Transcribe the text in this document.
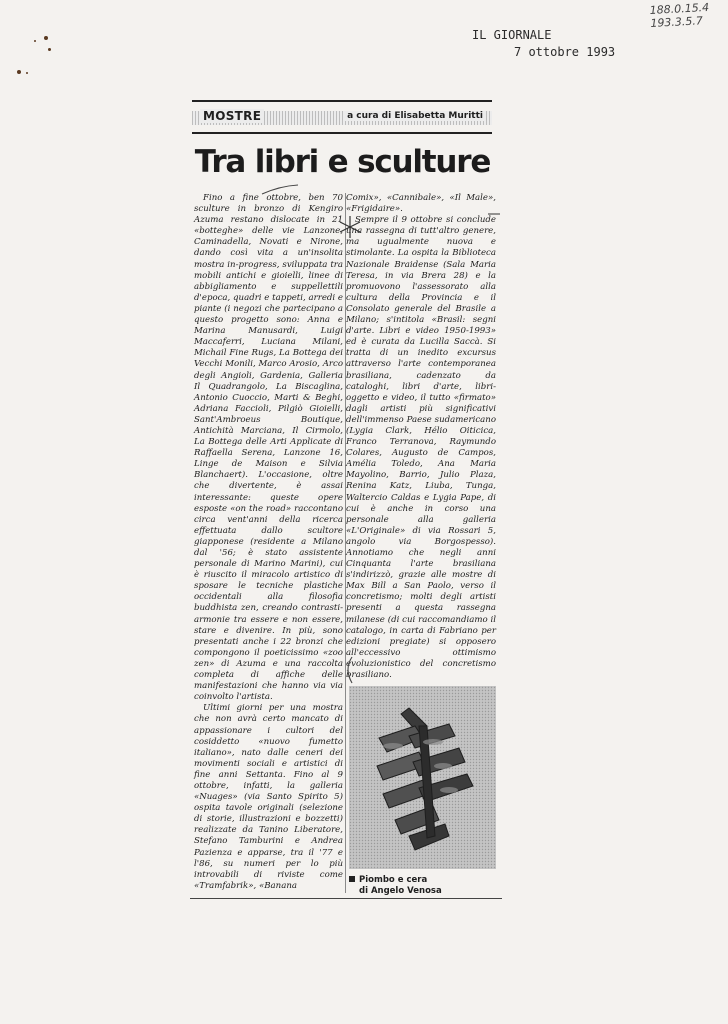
188.0.15.4
193.3.5.7
IL GIORNALE
7 ottobre 1993
MOSTRE	a cura di Elisabetta Muritti
Tra libri e sculture

Fino a fine ottobre, ben 70 sculture in bronzo di Kengiro Azuma restano dislocate in 21 «botteghe» delle vie Lanzone, Caminadella, Novati e Nirone, dando così vita a un'insolita mostra in-progress, sviluppata tra mobili antichi e gioielli, linee di abbigliamento e suppellettili d'epoca, quadri e tappeti, arredi e piante (i negozi che partecipano a questo progetto sono: Anna e Marina Manusardi, Luigi Maccaferri, Luciana Milani, Michail Fine Rugs, La Bottega dei Vecchi Monili, Marco Arosio, Arco degli Angioli, Gardenia, Galleria Il Quadrangolo, La Biscaglina, Antonio Cuoccio, Marti & Beghi, Adriana Faccioli, Pilgiò Gioielli, Sant'Ambroeus Boutique, Antichità Marciana, Il Cirmolo, La Bottega delle Arti Applicate di Raffaella Serena, Lanzone 16, Linge de Maison e Silvia Blanchaert). L'occasione, oltre che divertente, è assai interessante: queste opere esposte «on the road» raccontano circa vent'anni della ricerca effettuata dallo scultore giapponese (residente a Milano dal '56; è stato assistente personale di Marino Marini), cui è riuscito il miracolo artistico di sposare le tecniche plastiche occidentali alla filosofia buddhista zen, creando contrasti-armonie tra essere e non essere, stare e divenire. In più, sono presentati anche i 22 bronzi che compongono il poeticissimo «zoo zen» di Azuma e una raccolta completa di affiche delle manifestazioni che hanno via via coinvolto l'artista.

Ultimi giorni per una mostra che non avrà certo mancato di appassionare i cultori del cosiddetto «nuovo fumetto italiano», nato dalle ceneri dei movimenti sociali e artistici di fine anni Settanta. Fino al 9 ottobre, infatti, la galleria «Nuages» (via Santo Spirito 5) ospita tavole originali (selezione di storie, illustrazioni e bozzetti) realizzate da Tanino Liberatore, Stefano Tamburini e Andrea Pazienza e apparse, tra il '77 e l'86, su numeri per lo più introvabili di riviste come «Tramfabrik», «Banana

Comix», «Cannibale», «Il Male», «Frigidaire».

Sempre il 9 ottobre si conclude una rassegna di tutt'altro genere, ma ugualmente nuova e stimolante. La ospita la Biblioteca Nazionale Braidense (Sala Maria Teresa, in via Brera 28) e la promuovono l'assessorato alla cultura della Provincia e il Consolato generale del Brasile a Milano; s'intitola «Brasil: segni d'arte. Libri e video 1950-1993» ed è curata da Lucilla Saccà. Si tratta di un inedito excursus attraverso l'arte contemporanea brasiliana, cadenzato da cataloghi, libri d'arte, libri-oggetto e video, il tutto «firmato» dagli artisti più significativi dell'immenso Paese sudamericano (Lygia Clark, Hélio Oiticica, Franco Terranova, Raymundo Colares, Augusto de Campos, Amélia Toledo, Ana Maria Mayolino, Barrio, Julio Plaza, Renina Katz, Liuba, Tunga, Waltercio Caldas e Lygia Pape, di cui è anche in corso una personale alla galleria «L'Originale» di via Rossari 5, angolo via Borgospesso). Annotiamo che negli anni Cinquanta l'arte brasiliana s'indirizzò, grazie alle mostre di Max Bill a San Paolo, verso il concretismo; molti degli artisti presenti a questa rassegna milanese (di cui raccomandiamo il catalogo, in carta di Fabriano per edizioni pregiate) si opposero all'eccessivo ottimismo evoluzionistico del concretismo brasiliano.

Piombo e cera
di Angelo Venosa
